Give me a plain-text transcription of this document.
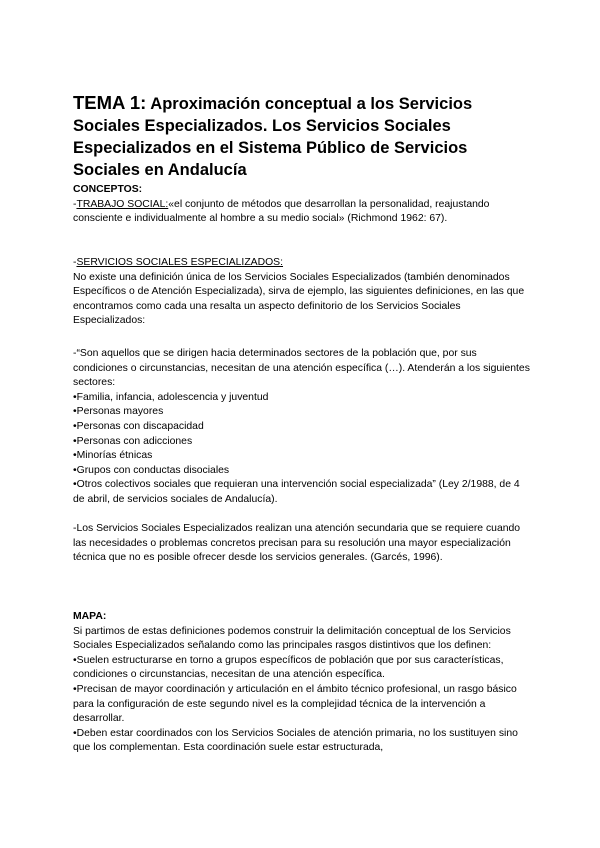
TEMA 1: Aproximación conceptual a los Servicios Sociales Especializados. Los Servicios Sociales Especializados en el Sistema Público de Servicios Sociales en Andalucía

CONCEPTOS:

-TRABAJO SOCIAL:«el conjunto de métodos que desarrollan la personalidad, reajustando consciente e individualmente al hombre a su medio social» (Richmond 1962: 67).

-SERVICIOS SOCIALES ESPECIALIZADOS:

No existe una definición única de los Servicios Sociales Especializados (también denominados Específicos o de Atención Especializada), sirva de ejemplo, las siguientes definiciones, en las que encontramos como cada una resalta un aspecto definitorio de los Servicios Sociales Especializados:

-“Son aquellos que se dirigen hacia determinados sectores de la población que, por sus condiciones o circunstancias, necesitan de una atención específica (…). Atenderán a los siguientes sectores:

• Familia, infancia, adolescencia y juventud
• Personas mayores
• Personas con discapacidad
• Personas con adicciones
• Minorías étnicas
• Grupos con conductas disociales
• Otros colectivos sociales que requieran una intervención social especializada” (Ley 2/1988, de 4 de abril, de servicios sociales de Andalucía).

-Los Servicios Sociales Especializados realizan una atención secundaria que se requiere cuando las necesidades o problemas concretos precisan para su resolución una mayor especialización técnica que no es posible ofrecer desde los servicios generales. (Garcés, 1996).

MAPA:

Si partimos de estas definiciones podemos construir la delimitación conceptual de los Servicios Sociales Especializados señalando como las principales rasgos distintivos que los definen:

• Suelen estructurarse en torno a grupos específicos de población que por sus características, condiciones o circunstancias, necesitan de una atención específica.
• Precisan de mayor coordinación y articulación en el ámbito técnico profesional, un rasgo básico para la configuración de este segundo nivel es la complejidad técnica de la intervención a desarrollar.
• Deben estar coordinados con los Servicios Sociales de atención primaria, no los sustituyen sino que los complementan. Esta coordinación suele estar estructurada,
